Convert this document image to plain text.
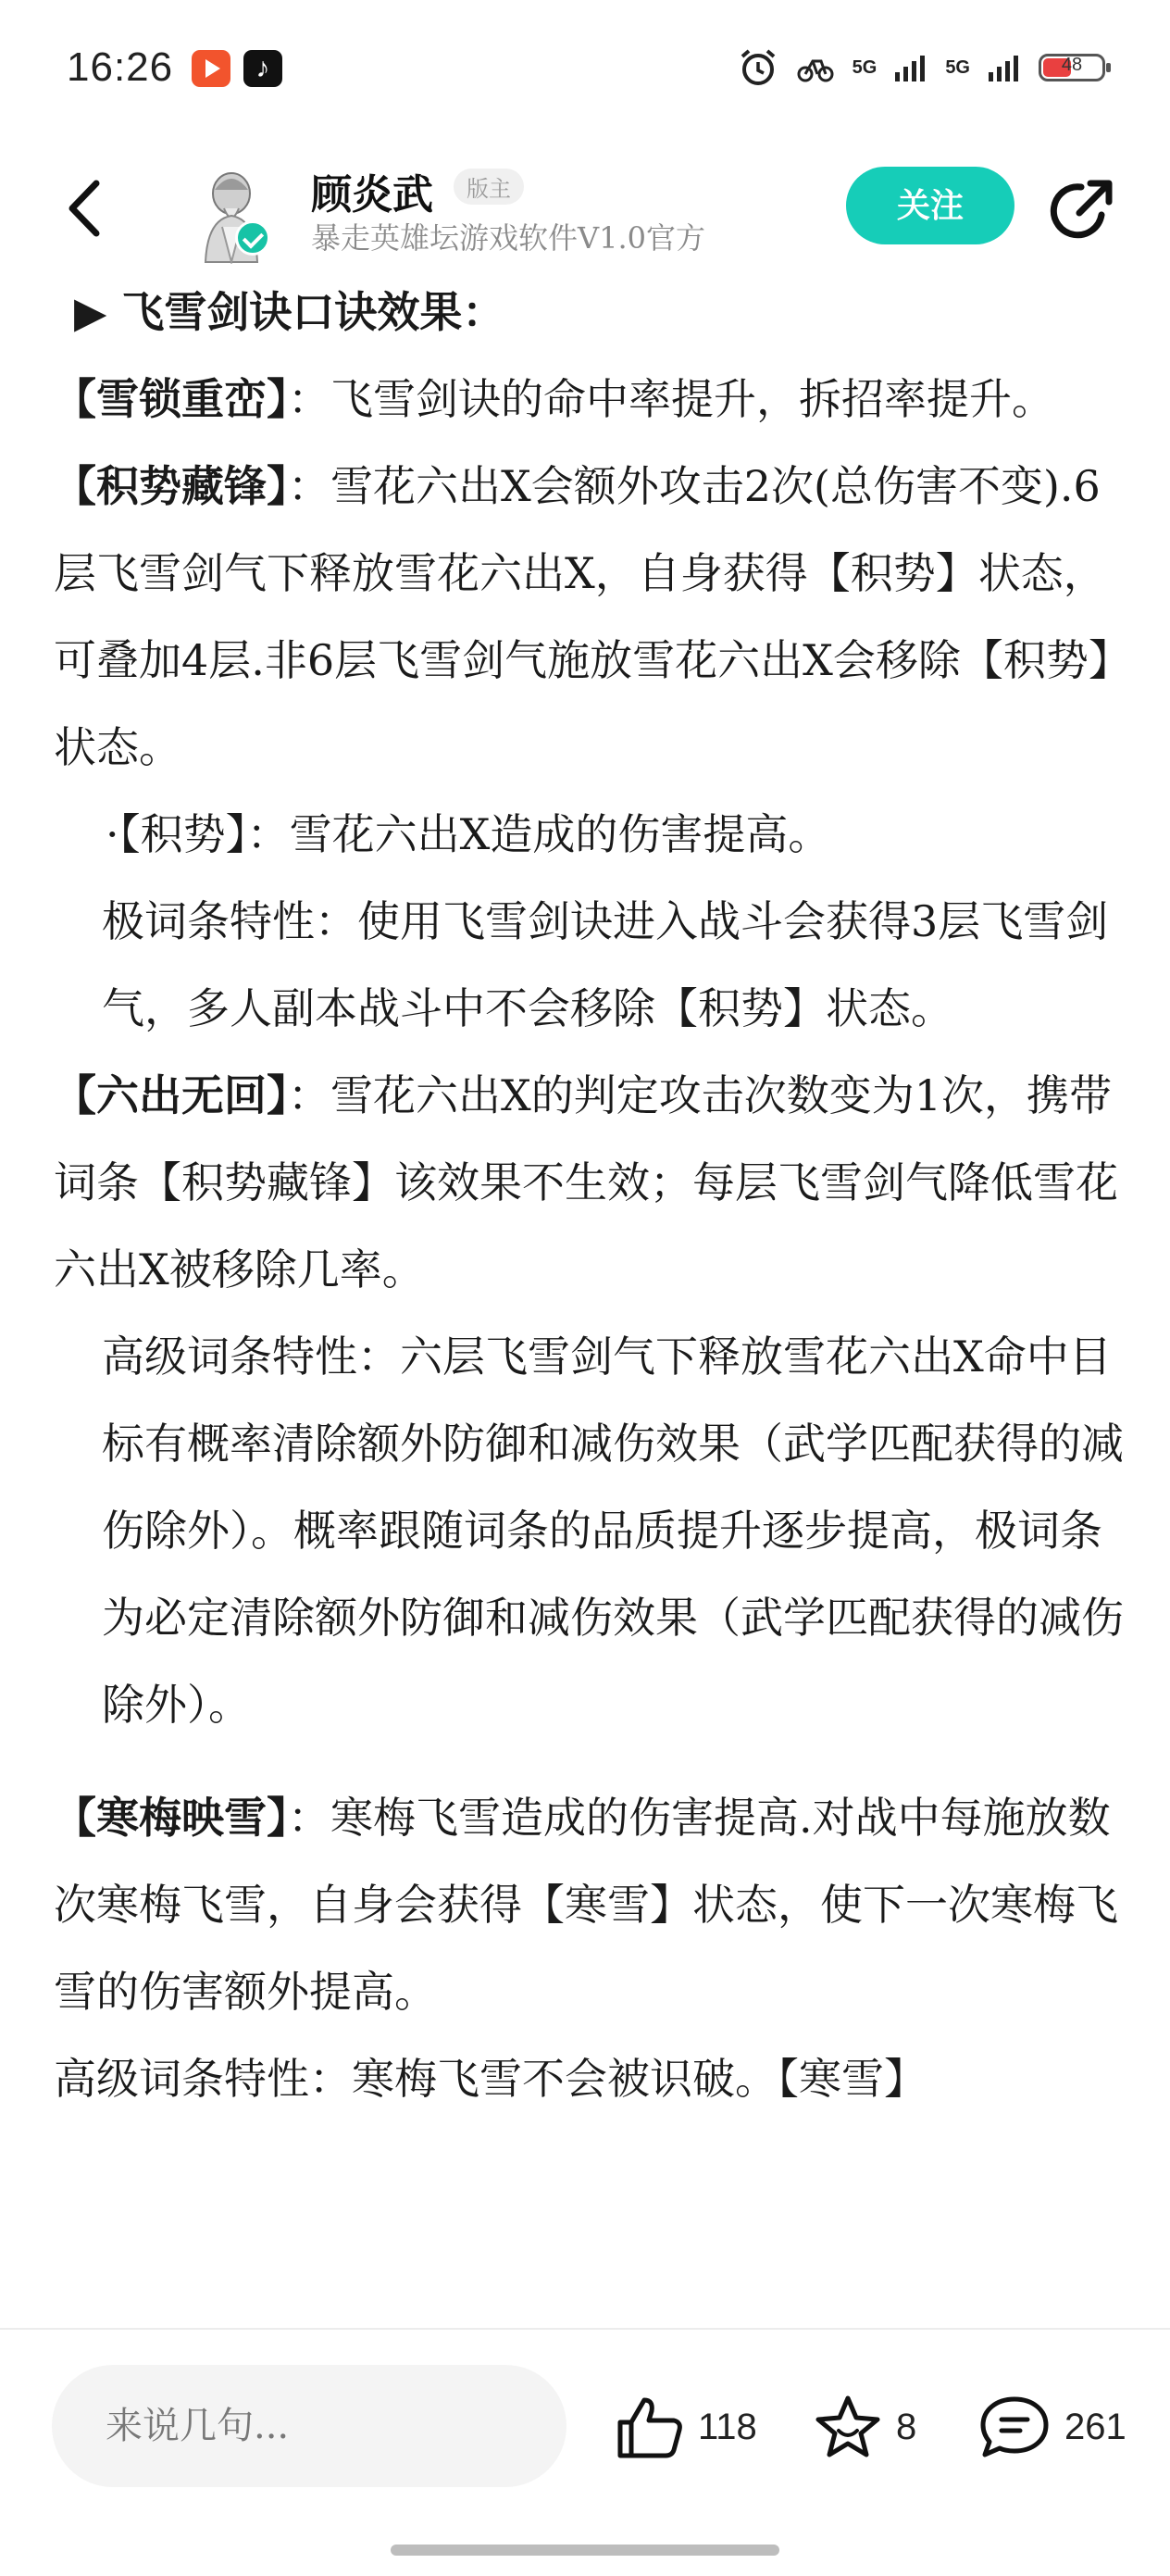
16:26	♪	5G	5G	48
顾炎武	版主
暴走英雄坛游戏软件V1.0官方
关注

▶ 飞雪剑诀口诀效果：

【雪锁重峦】：飞雪剑诀的命中率提升，拆招率提升。

【积势藏锋】：雪花六出X会额外攻击2次(总伤害不变).6层飞雪剑气下释放雪花六出X，自身获得【积势】状态，可叠加4层.非6层飞雪剑气施放雪花六出X会移除【积势】状态。

·【积势】：雪花六出X造成的伤害提高。

极词条特性：使用飞雪剑诀进入战斗会获得3层飞雪剑气，多人副本战斗中不会移除【积势】状态。

【六出无回】：雪花六出X的判定攻击次数变为1次，携带词条【积势藏锋】该效果不生效；每层飞雪剑气降低雪花六出X被移除几率。

高级词条特性：六层飞雪剑气下释放雪花六出X命中目标有概率清除额外防御和减伤效果（武学匹配获得的减伤除外）。概率跟随词条的品质提升逐步提高，极词条为必定清除额外防御和减伤效果（武学匹配获得的减伤除外）。

【寒梅映雪】：寒梅飞雪造成的伤害提高.对战中每施放数次寒梅飞雪，自身会获得【寒雪】状态，使下一次寒梅飞雪的伤害额外提高。

高级词条特性：寒梅飞雪不会被识破。【寒雪】

来说几句...
118	8	261
